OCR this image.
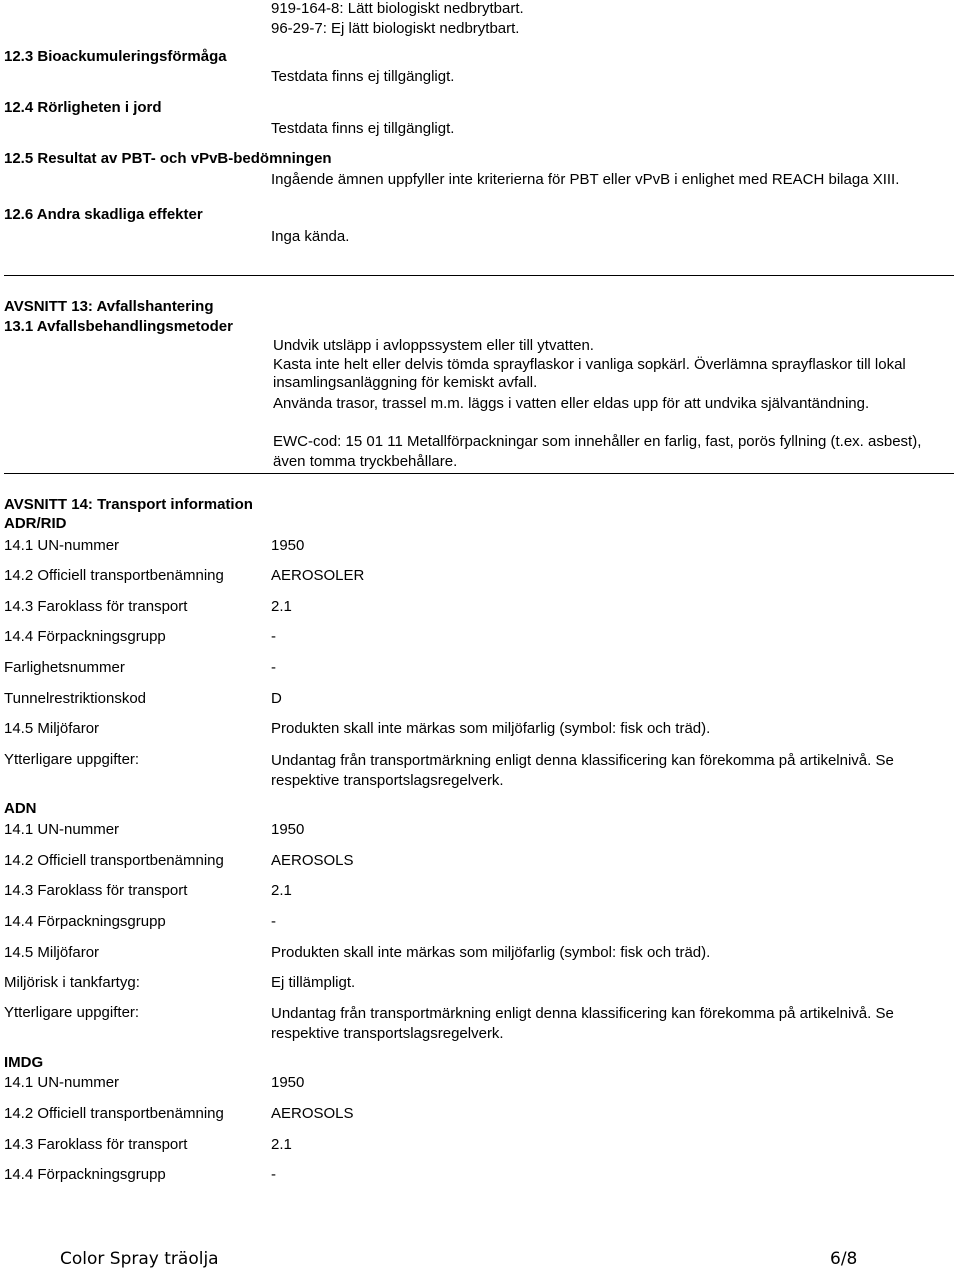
919-164-8: Lätt biologiskt nedbrytbart.
96-29-7: Ej lätt biologiskt nedbrytbart.
12.3 Bioackumuleringsförmåga
Testdata finns ej tillgängligt.
12.4 Rörligheten i jord
Testdata finns ej tillgängligt.
12.5 Resultat av PBT- och vPvB-bedömningen
Ingående ämnen uppfyller inte kriterierna för PBT eller vPvB i enlighet med REACH bilaga XIII.
12.6 Andra skadliga effekter
Inga kända.
AVSNITT 13: Avfallshantering
13.1 Avfallsbehandlingsmetoder
Undvik utsläpp i avloppssystem eller till ytvatten.
Kasta inte helt eller delvis tömda sprayflaskor i vanliga sopkärl. Överlämna sprayflaskor till lokal insamlingsanläggning för kemiskt avfall.
Använda trasor, trassel m.m. läggs i vatten eller eldas upp för att undvika självantändning.
EWC-cod: 15 01 11 Metallförpackningar som innehåller en farlig, fast, porös fyllning (t.ex. asbest), även tomma tryckbehållare.
AVSNITT 14: Transport information
ADR/RID
14.1 UN-nummer	1950
14.2 Officiell transportbenämning	AEROSOLER
14.3 Faroklass för transport	2.1
14.4 Förpackningsgrupp	-
Farlighetsnummer	-
Tunnelrestriktionskod	D
14.5 Miljöfaror	Produkten skall inte märkas som miljöfarlig (symbol: fisk och träd).
Ytterligare uppgifter:	Undantag från transportmärkning enligt denna klassificering kan förekomma på artikelnivå. Se respektive transportslagsregelverk.
ADN
14.1 UN-nummer	1950
14.2 Officiell transportbenämning	AEROSOLS
14.3 Faroklass för transport	2.1
14.4 Förpackningsgrupp	-
14.5 Miljöfaror	Produkten skall inte märkas som miljöfarlig (symbol: fisk och träd).
Miljörisk i tankfartyg:	Ej tillämpligt.
Ytterligare uppgifter:	Undantag från transportmärkning enligt denna klassificering kan förekomma på artikelnivå. Se respektive transportslagsregelverk.
IMDG
14.1 UN-nummer	1950
14.2 Officiell transportbenämning	AEROSOLS
14.3 Faroklass för transport	2.1
14.4 Förpackningsgrupp	-
Color Spray träolja	6/8
